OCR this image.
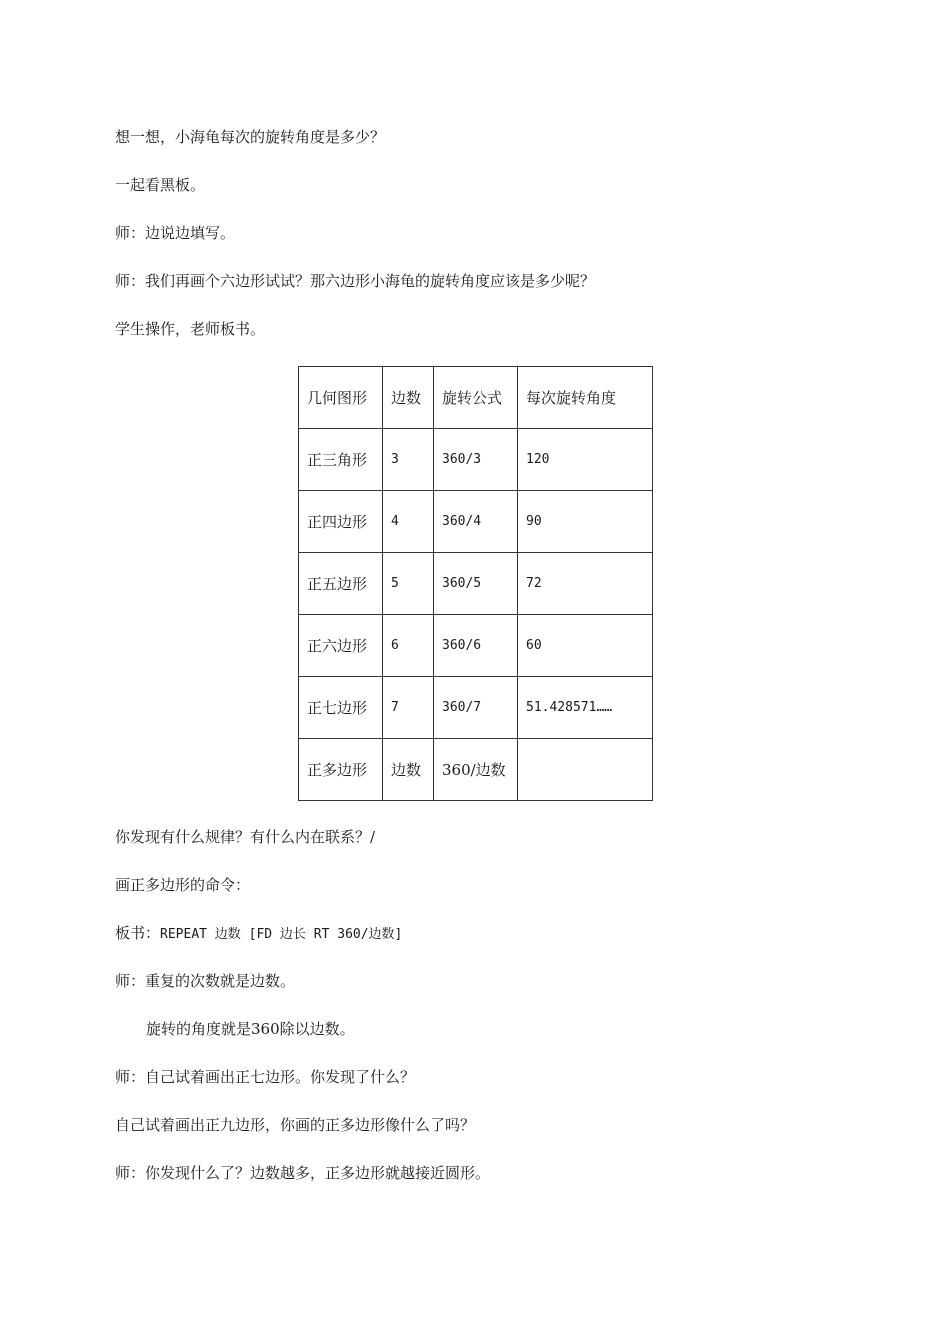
想一想，小海龟每次的旋转角度是多少？

一起看黑板。

师：边说边填写。

师：我们再画个六边形试试？那六边形小海龟的旋转角度应该是多少呢？

学生操作，老师板书。

几何图形	边数	旋转公式	每次旋转角度
正三角形	3	360/3	120
正四边形	4	360/4	90
正五边形	5	360/5	72
正六边形	6	360/6	60
正七边形	7	360/7	51.428571……
正多边形	边数	360/边数	

你发现有什么规律？有什么内在联系？/

画正多边形的命令：

板书：REPEAT 边数 [FD 边长 RT 360/边数]

师：重复的次数就是边数。

旋转的角度就是360除以边数。

师：自己试着画出正七边形。你发现了什么？

自己试着画出正九边形，你画的正多边形像什么了吗？

师：你发现什么了？边数越多，正多边形就越接近圆形。
